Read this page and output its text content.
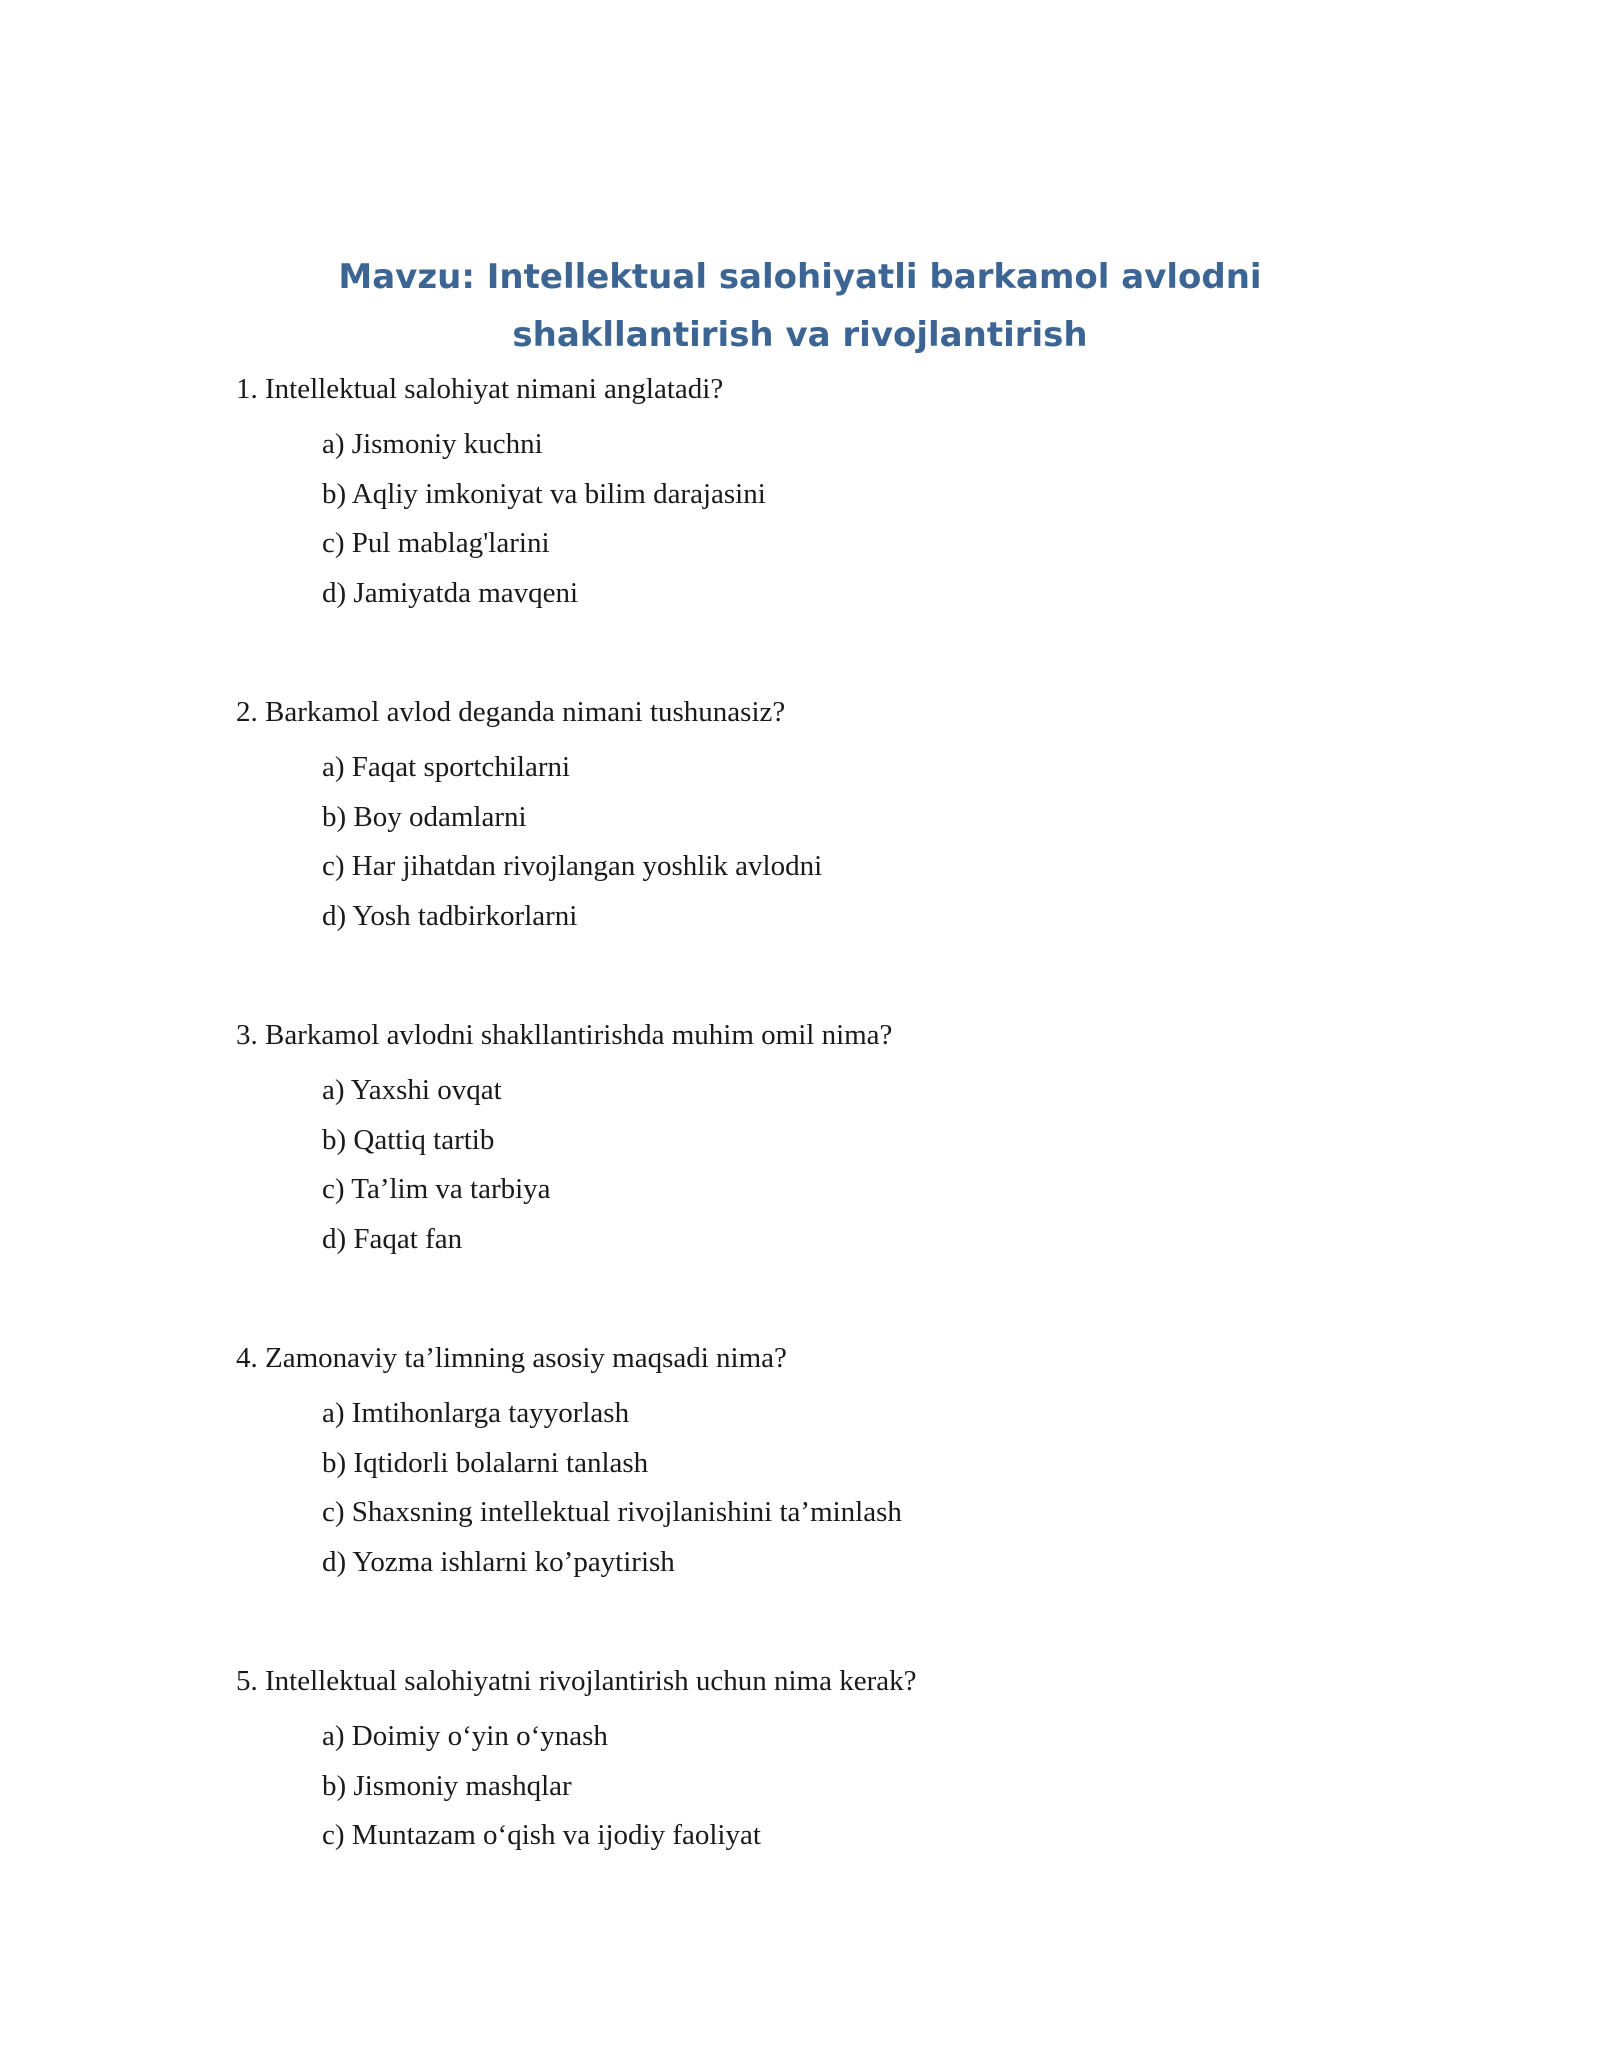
Mavzu: Intellektual salohiyatli barkamol avlodni shakllantirish va rivojlantirish
1. Intellektual salohiyat nimani anglatadi?
a) Jismoniy kuchni
b) Aqliy imkoniyat va bilim darajasini
c) Pul mablag'larini
d) Jamiyatda mavqeni
2. Barkamol avlod deganda nimani tushunasiz?
a) Faqat sportchilarni
b) Boy odamlarni
c) Har jihatdan rivojlangan yoshlik avlodni
d) Yosh tadbirkorlarni
3. Barkamol avlodni shakllantirishda muhim omil nima?
a) Yaxshi ovqat
b) Qattiq tartib
c) Ta’lim va tarbiya
d) Faqat fan
4. Zamonaviy ta’limning asosiy maqsadi nima?
a) Imtihonlarga tayyorlash
b) Iqtidorli bolalarni tanlash
c) Shaxsning intellektual rivojlanishini ta’minlash
d) Yozma ishlarni ko’paytirish
5. Intellektual salohiyatni rivojlantirish uchun nima kerak?
a) Doimiy o‘yin o‘ynash
b) Jismoniy mashqlar
c) Muntazam o‘qish va ijodiy faoliyat
